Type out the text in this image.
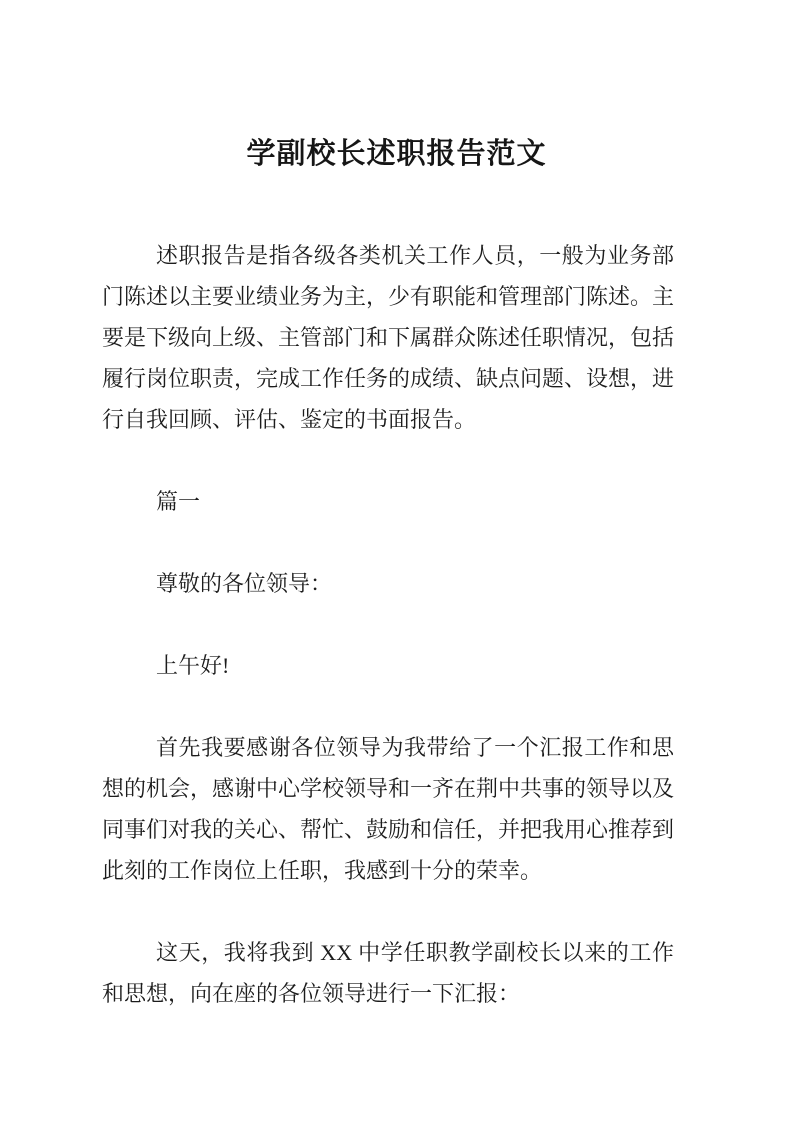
学副校长述职报告范文

述职报告是指各级各类机关工作人员，一般为业务部门陈述以主要业绩业务为主，少有职能和管理部门陈述。主要是下级向上级、主管部门和下属群众陈述任职情况，包括履行岗位职责，完成工作任务的成绩、缺点问题、设想，进行自我回顾、评估、鉴定的书面报告。

篇一

尊敬的各位领导：

上午好!

首先我要感谢各位领导为我带给了一个汇报工作和思想的机会，感谢中心学校领导和一齐在荆中共事的领导以及同事们对我的关心、帮忙、鼓励和信任，并把我用心推荐到此刻的工作岗位上任职，我感到十分的荣幸。

这天，我将我到 XX 中学任职教学副校长以来的工作和思想，向在座的各位领导进行一下汇报：
